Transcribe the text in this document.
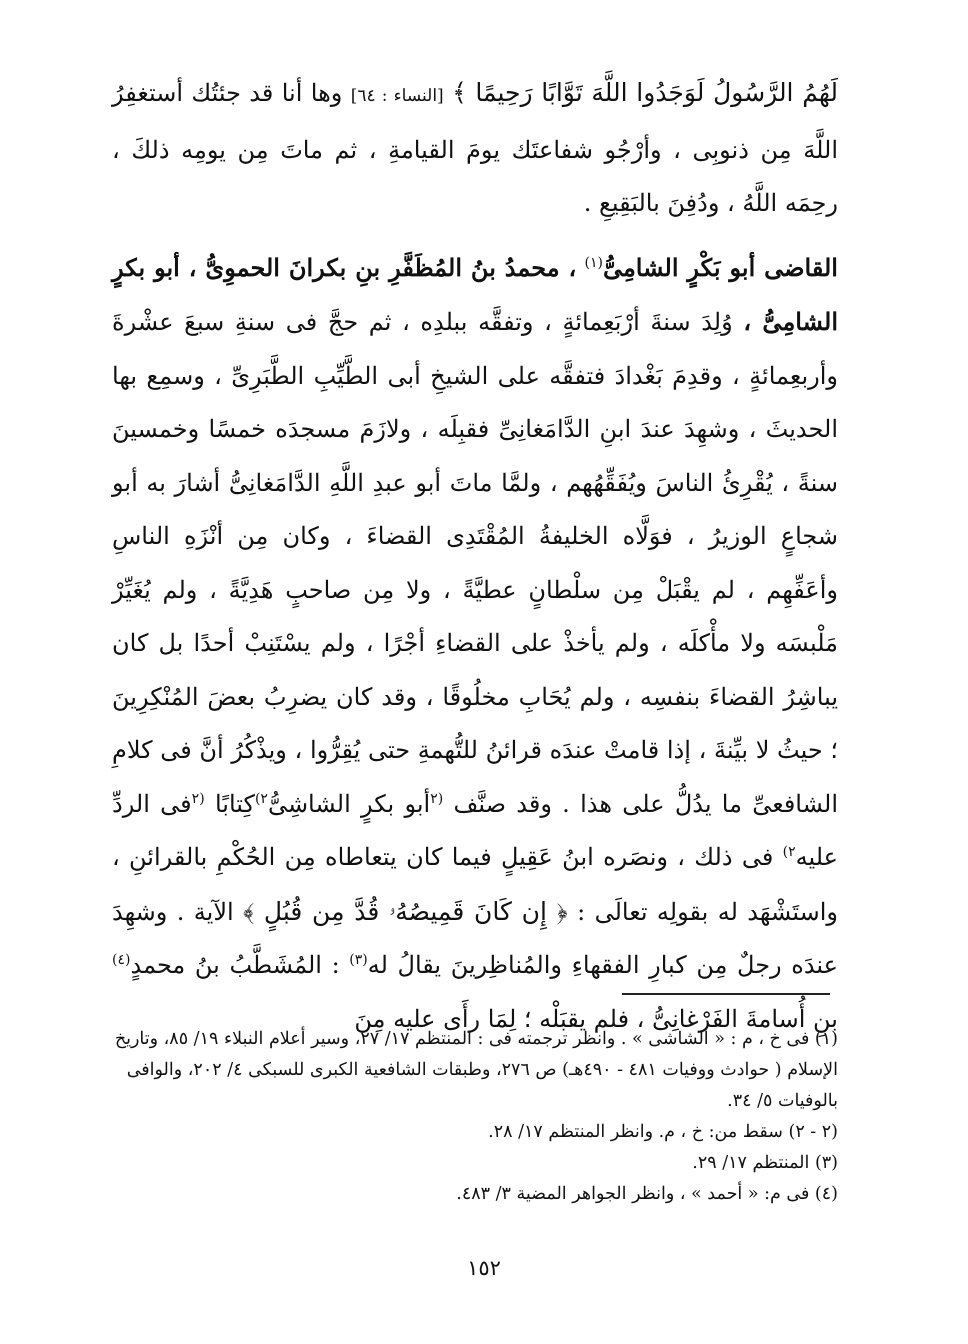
لَهُمُ الرَّسُولُ لَوَجَدُوا اللَّهَ تَوَّابًا رَحِيمًا ﴾ [النساء : ٦٤] وها أنا قد جئتُك أستغفِرُ اللَّهَ مِن ذنوبِى ، وأرْجُو شفاعتَك يومَ القيامةِ ، ثم ماتَ مِن يومِه ذلكَ ، رحِمَه اللَّهُ ، ودُفِنَ بالبَقِيعِ .

القاضى أبو بَكْرٍ الشامِىُّ$^{(١)}$ ، محمدُ بنُ المُظَفَّرِ بنِ بكرانَ الحموِىُّ ، أبو بكرٍ الشامِىُّ ، وُلِدَ سنةَ أرْبَعِمائةٍ ، وتفقَّه ببلدِه ، ثم حجَّ فى سنةِ سبعَ عشْرةَ وأربعِمائةٍ ، وقدِمَ بَغْدادَ فتفقَّه على الشيخِ أبى الطَّيِّبِ الطَّبَرِىِّ ، وسمِع بها الحديثَ ، وشهِدَ عندَ ابنِ الدَّامَغانِىِّ فقبِلَه ، ولازَمَ مسجدَه خمسًا وخمسينَ سنةً ، يُقْرِئُ الناسَ ويُفَقِّهُهم ، ولمَّا ماتَ أبو عبدِ اللَّهِ الدَّامَغانِىُّ أشارَ به أبو شجاعٍ الوزيرُ ، فوَلَّاه الخليفةُ المُقْتَدِى القضاءَ ، وكان مِن أنْزَهِ الناسِ وأعَفِّهِم ، لم يقْبَلْ مِن سلْطانٍ عطيَّةً ، ولا مِن صاحبٍ هَدِيَّةً ، ولم يُغَيِّرْ مَلْبسَه ولا مأْكلَه ، ولم يأخذْ على القضاءِ أجْرًا ، ولم يسْتَنِبْ أحدًا بل كان يباشِرُ القضاءَ بنفسِه ، ولم يُحَابِ مخلُوقًا ، وقد كان يضرِبُ بعضَ المُنْكِرِينَ ؛ حيثُ لا بيِّنةَ ، إذا قامتْ عندَه قرائنُ للتُّهمةِ حتى يُقِرُّوا ، ويذْكُرُ أنَّ فى كلامِ الشافعىِّ ما يدُلُّ على هذا . وقد صنَّف $^{(٢}$أبو بكرٍ الشاشِىُّ$^{٢)}$كِتابًا $^{(٢}$فى الردِّ عليه$^{٢)}$ فى ذلك ، ونصَره ابنُ عَقِيلٍ فيما كان يتعاطاه مِن الحُكْمِ بالقرائنِ ، واستَشْهَد له بقولِه تعالَى : ﴿ إِن كَانَ قَمِيصُهُۥ قُدَّ مِن قُبُلٍ ﴾ الآية . وشهِدَ عندَه رجلٌ مِن كبارِ الفقهاءِ والمُناظِرينَ يقالُ له$^{(٣)}$ : المُشَطَّبُ بنُ محمدٍ$^{(٤)}$ بنِ أُسامةَ الفَرْغانِىُّ ، فلم يقبَلْه ؛ لِمَا رأَى عليه مِنَ

(١) فى خ ، م : « الشاشى » . وانظر ترجمته فى : المنتظم ١٧/ ٢٧، وسير أعلام النبلاء ١٩/ ٨٥، وتاريخ الإسلام ( حوادث ووفيات ٤٨١ - ٤٩٠هـ) ص ٢٧٦، وطبقات الشافعية الكبرى للسبكى ٤/ ٢٠٢، والوافى بالوفيات ٥/ ٣٤.

(٢ - ٢) سقط من: خ ، م. وانظر المنتظم ١٧/ ٢٨.

(٣) المنتظم ١٧/ ٢٩.

(٤) فى م: « أحمد » ، وانظر الجواهر المضية ٣/ ٤٨٣.

١٥٢
